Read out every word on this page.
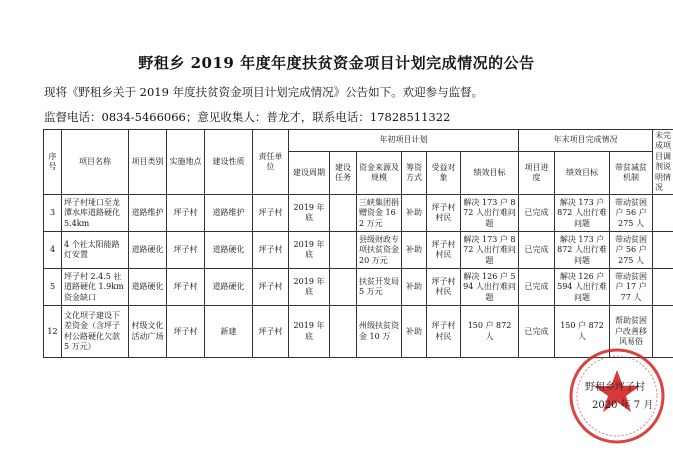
野租乡 2019 年度年度扶贫资金项目计划完成情况的公告
现将《野租乡关于 2019 年度扶贫资金项目计划完成情况》公告如下。欢迎参与监督。
监督电话：0834-5466066；意见收集人：普龙才，联系电话：17828511322
序号	项目名称	项目类别	实施地点	建设性质	责任单位	年初项目计划						年末项目完成情况			未完成项目调剂说明情况
						建设周期	建设任务	资金来源及规模	筹资方式	受益对象	绩效目标	项目进度	绩效目标	带贫减贫机制	
3	坪子村垭口至龙潭水库道路硬化5.4km	道路维护	坪子村	道路维护	坪子村	2019 年底		三峡集团捐赠资金 162 万元	补助	坪子村村民	解决 173 户 872 人出行难问题	已完成	解决 173 户 872 人出行难问题	带动贫困户 56 户 275 人	
4	4 个社太阳能路灯安置	道路硬化	坪子村	道路硬化	坪子村	2019 年底		县级财政专项扶贫资金 20 万元	补助	坪子村村民	解决 173 户 872 人出行难问题	已完成	解决 173 户 872 人出行难问题	带动贫困户 56 户 275 人	
5	坪子村 2.4.5 社道路硬化 1.9km 资金缺口	道路硬化	坪子村	道路硬化	坪子村	2019 年底		扶贫开发局 5 万元	补助	坪子村村民	解决 126 户 594 人出行难问题	已完成	解决 126 户 594 人出行难问题	带动贫困户 17 户 77 人	
12	文化坝子建设下差资金（含坪子村公路硬化欠款 5 万元）	村级文化活动广场	坪子村	新建	坪子村	2019 年底		州级扶贫资金 10 万	补助	坪子村村民	150 户 872 人	已完成	150 户 872 人	帮助贫困户改善移风易俗	
野租乡坪子村
2020 年 7 月
